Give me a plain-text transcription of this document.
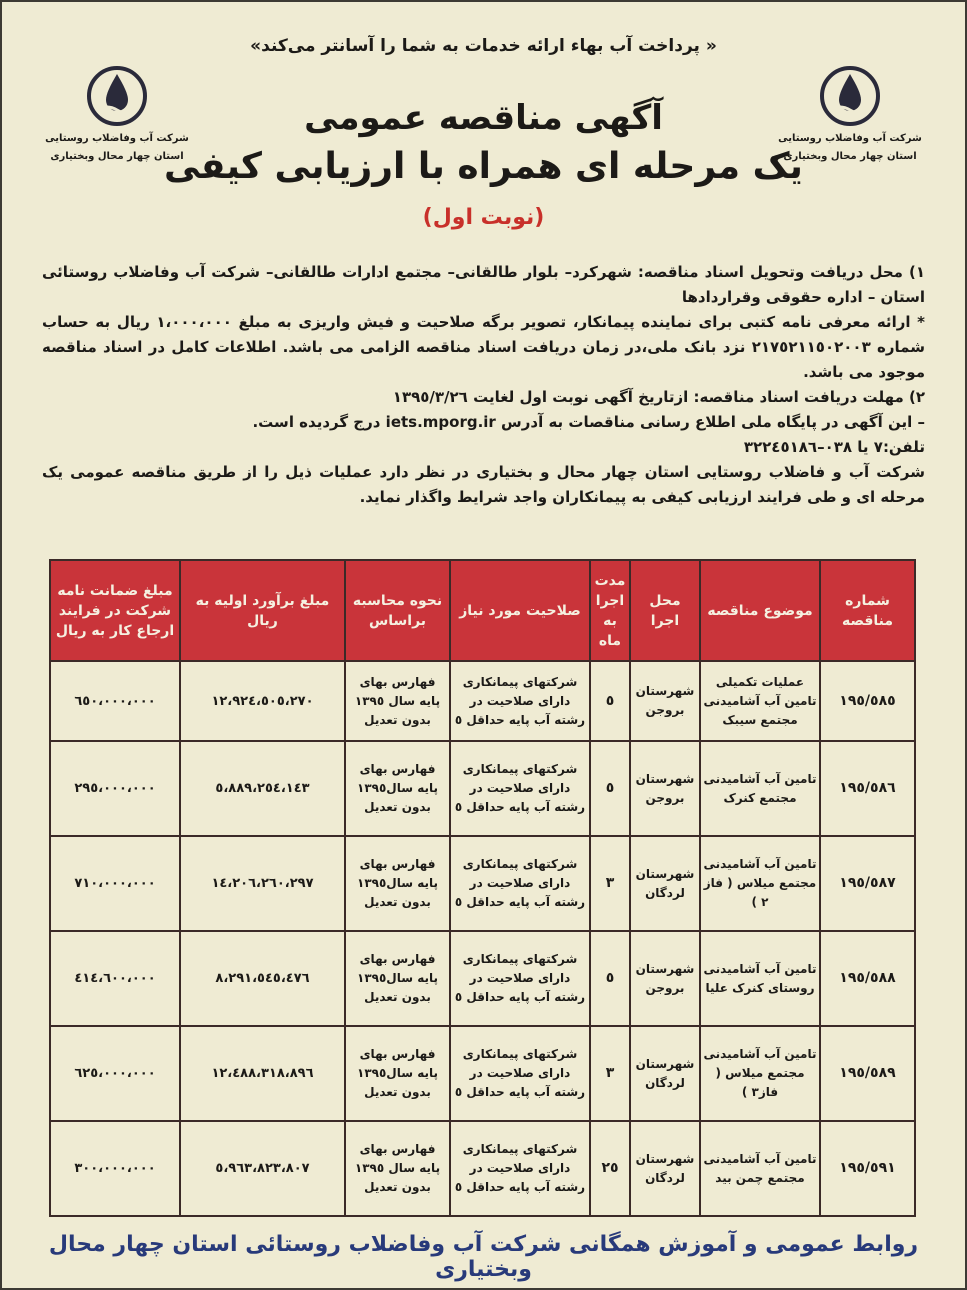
شرکت آب وفاضلاب روستایی
استان چهار محال وبختیاری
شرکت آب وفاضلاب روستایی
استان چهار محال وبختیاری
« پرداخت آب بهاء ارائه خدمات به شما را آسانتر می‌کند»
آگهی مناقصه عمومی
یک مرحله ای همراه با ارزیابی کیفی
(نوبت اول)

١) محل دریافت وتحویل اسناد مناقصه: شهرکرد– بلوار طالقانی– مجتمع ادارات طالقانی– شرکت آب وفاضلاب روستائی استان – اداره حقوقی وقراردادها

* ارائه معرفی نامه کتبی برای نماینده پیمانکار، تصویر برگه صلاحیت و فیش واریزی به مبلغ ١،٠٠٠،٠٠٠ ریال به حساب شماره ٢١٧٥٢١١٥٠٢٠٠٣ نزد بانک ملی،در زمان دریافت اسناد مناقصه الزامی می باشد. اطلاعات کامل در اسناد مناقصه موجود می باشد.

٢) مهلت دریافت اسناد مناقصه: ازتاریخ آگهی نوبت اول لغایت ١٣٩٥/٣/٢٦

– این آگهی در پایگاه ملی اطلاع رسانی مناقصات به آدرس iets.mporg.ir درج گردیده است.

تلفن:٧ یا ٠٣٨–٣٢٢٤٥١٨٦

شرکت آب و فاضلاب روستایی استان چهار محال و بختیاری در نظر دارد عملیات ذیل را از طریق مناقصه عمومی یک مرحله ای و طی فرایند ارزیابی کیفی به پیمانکاران واجد شرایط واگذار نماید.

شماره مناقصه	موضوع مناقصه	محل اجرا	مدت اجرا به ماه	صلاحیت مورد نیاز	نحوه محاسبه براساس	مبلغ برآورد اولیه به ریال	مبلغ ضمانت نامه شرکت در فرایند ارجاع کار به ریال
١٩٥/٥٨٥	عملیات تکمیلی تامین آب آشامیدنی مجتمع سیبک	شهرستان بروجن	٥	شرکتهای پیمانکاری دارای صلاحیت در رشته آب پایه حداقل ٥	فهارس بهای پایه سال ١٣٩٥ بدون تعدیل	١٢،٩٢٤،٥٠٥،٢٧٠	٦٥٠،٠٠٠،٠٠٠
١٩٥/٥٨٦	تامین آب آشامیدنی مجتمع کنرک	شهرستان بروجن	٥	شرکتهای پیمانکاری دارای صلاحیت در رشته آب پایه حداقل ٥	فهارس بهای پایه سال١٣٩٥ بدون تعدیل	٥،٨٨٩،٢٥٤،١٤٣	٢٩٥،٠٠٠،٠٠٠
١٩٥/٥٨٧	تامین آب آشامیدنی مجتمع میلاس ( فاز ٢ )	شهرستان لردگان	٣	شرکتهای پیمانکاری دارای صلاحیت در رشته آب پایه حداقل ٥	فهارس بهای پایه سال١٣٩٥ بدون تعدیل	١٤،٢٠٦،٢٦٠،٢٩٧	٧١٠،٠٠٠،٠٠٠
١٩٥/٥٨٨	تامین آب آشامیدنی روستای کنرک علیا	شهرستان بروجن	٥	شرکتهای پیمانکاری دارای صلاحیت در رشته آب پایه حداقل ٥	فهارس بهای پایه سال١٣٩٥ بدون تعدیل	٨،٢٩١،٥٤٥،٤٧٦	٤١٤،٦٠٠،٠٠٠
١٩٥/٥٨٩	تامین آب آشامیدنی مجتمع میلاس ( فاز٣ )	شهرستان لردگان	٣	شرکتهای پیمانکاری دارای صلاحیت در رشته آب پایه حداقل ٥	فهارس بهای پایه سال١٣٩٥ بدون تعدیل	١٢،٤٨٨،٣١٨،٨٩٦	٦٢٥،٠٠٠،٠٠٠
١٩٥/٥٩١	تامین آب آشامیدنی مجتمع چمن بید	شهرستان لردگان	٢٥	شرکتهای پیمانکاری دارای صلاحیت در رشته آب پایه حداقل ٥	فهارس بهای پایه سال ١٣٩٥ بدون تعدیل	٥،٩٦٣،٨٢٣،٨٠٧	٣٠٠،٠٠٠،٠٠٠
روابط عمومی و آموزش همگانی شرکت آب وفاضلاب روستائی استان چهار محال وبختیاری
